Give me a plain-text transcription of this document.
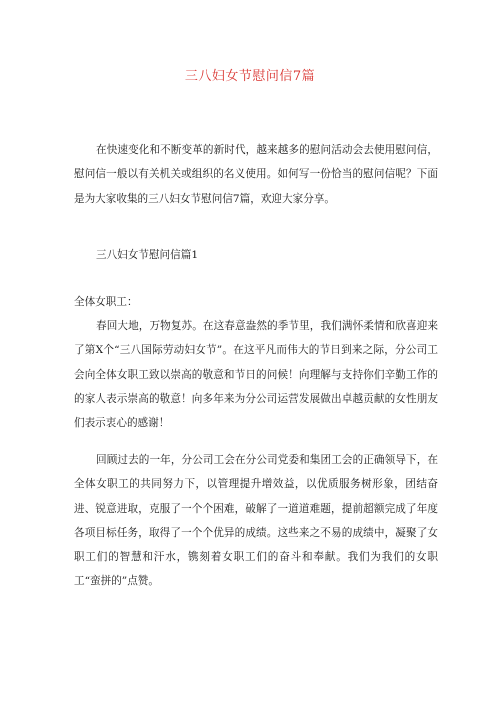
三八妇女节慰问信7篇

在快速变化和不断变革的新时代，越来越多的慰问活动会去使用慰问信，慰问信一般以有关机关或组织的名义使用。如何写一份恰当的慰问信呢？下面是为大家收集的三八妇女节慰问信7篇，欢迎大家分享。

三八妇女节慰问信篇1
全体女职工：

春回大地，万物复苏。在这春意盎然的季节里，我们满怀柔情和欣喜迎来了第X个“三八国际劳动妇女节”。在这平凡而伟大的节日到来之际，分公司工会向全体女职工致以崇高的敬意和节日的问候！向理解与支持你们辛勤工作的的家人表示崇高的敬意！向多年来为分公司运营发展做出卓越贡献的女性朋友们表示衷心的感谢！

回顾过去的一年，分公司工会在分公司党委和集团工会的正确领导下，在全体女职工的共同努力下，以管理提升增效益，以优质服务树形象，团结奋进、锐意进取，克服了一个个困难，破解了一道道难题，提前超额完成了年度各项目标任务，取得了一个个优异的成绩。这些来之不易的成绩中，凝聚了女职工们的智慧和汗水，镌刻着女职工们的奋斗和奉献。我们为我们的女职工“蛮拼的”点赞。
